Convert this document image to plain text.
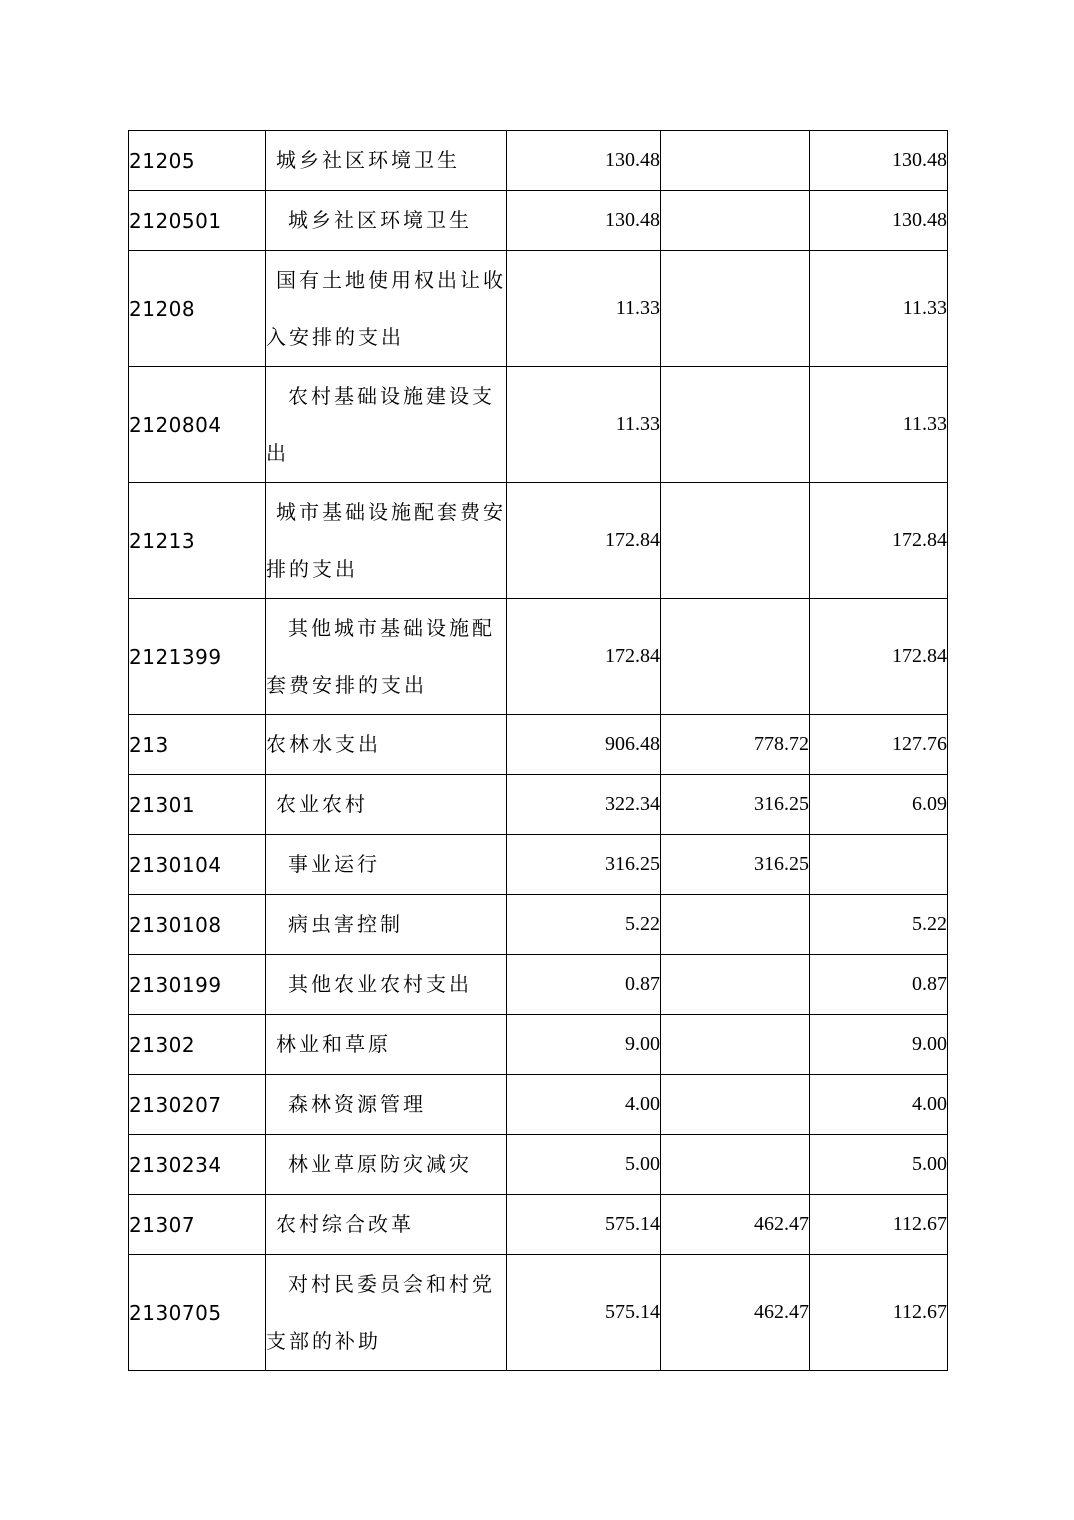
21205	城乡社区环境卫生	130.48		130.48
2120501	城乡社区环境卫生	130.48		130.48
21208	国有土地使用权出让收入安排的支出	11.33		11.33
2120804	农村基础设施建设支出	11.33		11.33
21213	城市基础设施配套费安排的支出	172.84		172.84
2121399	其他城市基础设施配套费安排的支出	172.84		172.84
213	农林水支出	906.48	778.72	127.76
21301	农业农村	322.34	316.25	6.09
2130104	事业运行	316.25	316.25	
2130108	病虫害控制	5.22		5.22
2130199	其他农业农村支出	0.87		0.87
21302	林业和草原	9.00		9.00
2130207	森林资源管理	4.00		4.00
2130234	林业草原防灾减灾	5.00		5.00
21307	农村综合改革	575.14	462.47	112.67
2130705	对村民委员会和村党支部的补助	575.14	462.47	112.67
